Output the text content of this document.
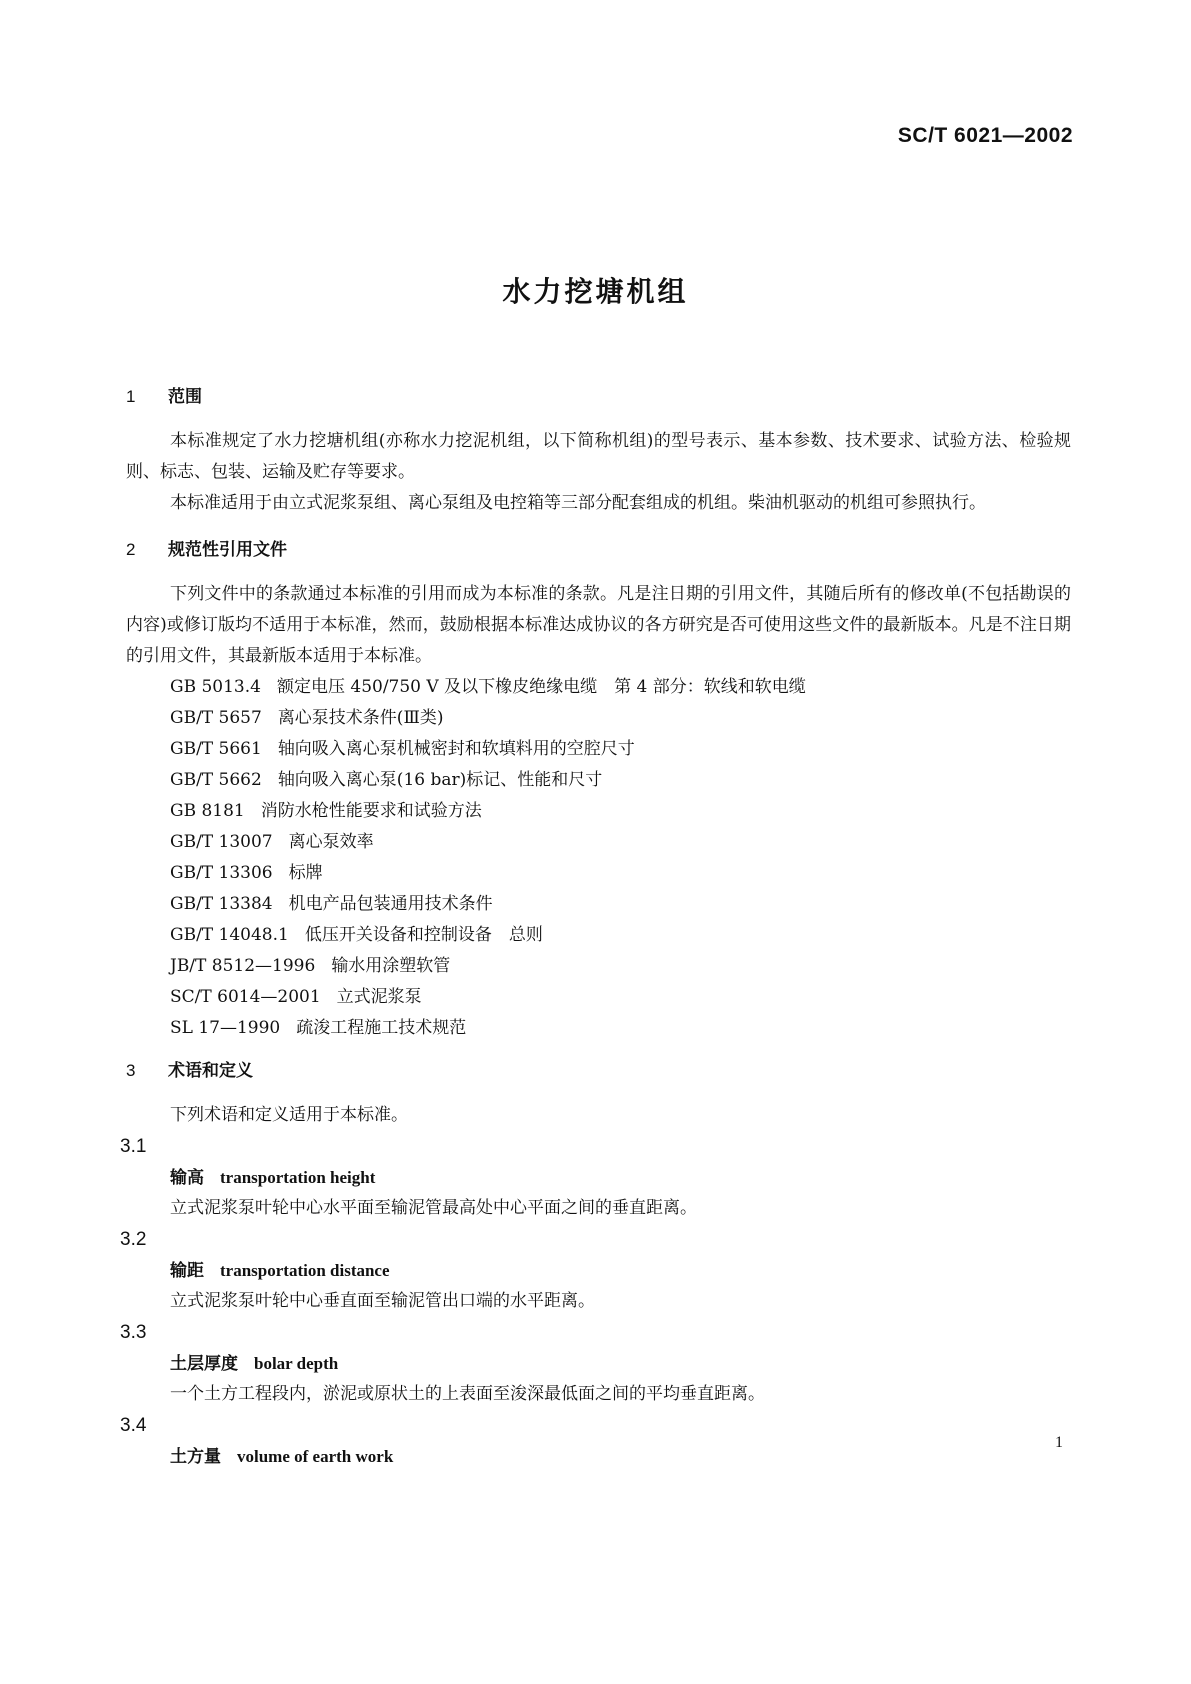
SC/T 6021—2002
水力挖塘机组
1 范围

本标准规定了水力挖塘机组(亦称水力挖泥机组，以下简称机组)的型号表示、基本参数、技术要求、试验方法、检验规则、标志、包装、运输及贮存等要求。

本标准适用于由立式泥浆泵组、离心泵组及电控箱等三部分配套组成的机组。柴油机驱动的机组可参照执行。

2 规范性引用文件

下列文件中的条款通过本标准的引用而成为本标准的条款。凡是注日期的引用文件，其随后所有的修改单(不包括勘误的内容)或修订版均不适用于本标准，然而，鼓励根据本标准达成协议的各方研究是否可使用这些文件的最新版本。凡是不注日期的引用文件，其最新版本适用于本标准。

GB 5013.4 额定电压 450/750 V 及以下橡皮绝缘电缆　第 4 部分：软线和软电缆
GB/T 5657 离心泵技术条件(Ⅲ类)
GB/T 5661 轴向吸入离心泵机械密封和软填料用的空腔尺寸
GB/T 5662 轴向吸入离心泵(16 bar)标记、性能和尺寸
GB 8181 消防水枪性能要求和试验方法
GB/T 13007 离心泵效率
GB/T 13306 标牌
GB/T 13384 机电产品包装通用技术条件
GB/T 14048.1 低压开关设备和控制设备　总则
JB/T 8512—1996 输水用涂塑软管
SC/T 6014—2001 立式泥浆泵
SL 17—1990 疏浚工程施工技术规范
3 术语和定义

下列术语和定义适用于本标准。

3.1
输高 transportation height
立式泥浆泵叶轮中心水平面至输泥管最高处中心平面之间的垂直距离。
3.2
输距 transportation distance
立式泥浆泵叶轮中心垂直面至输泥管出口端的水平距离。
3.3
土层厚度 bolar depth
一个土方工程段内，淤泥或原状土的上表面至浚深最低面之间的平均垂直距离。
3.4
土方量 volume of earth work
1
